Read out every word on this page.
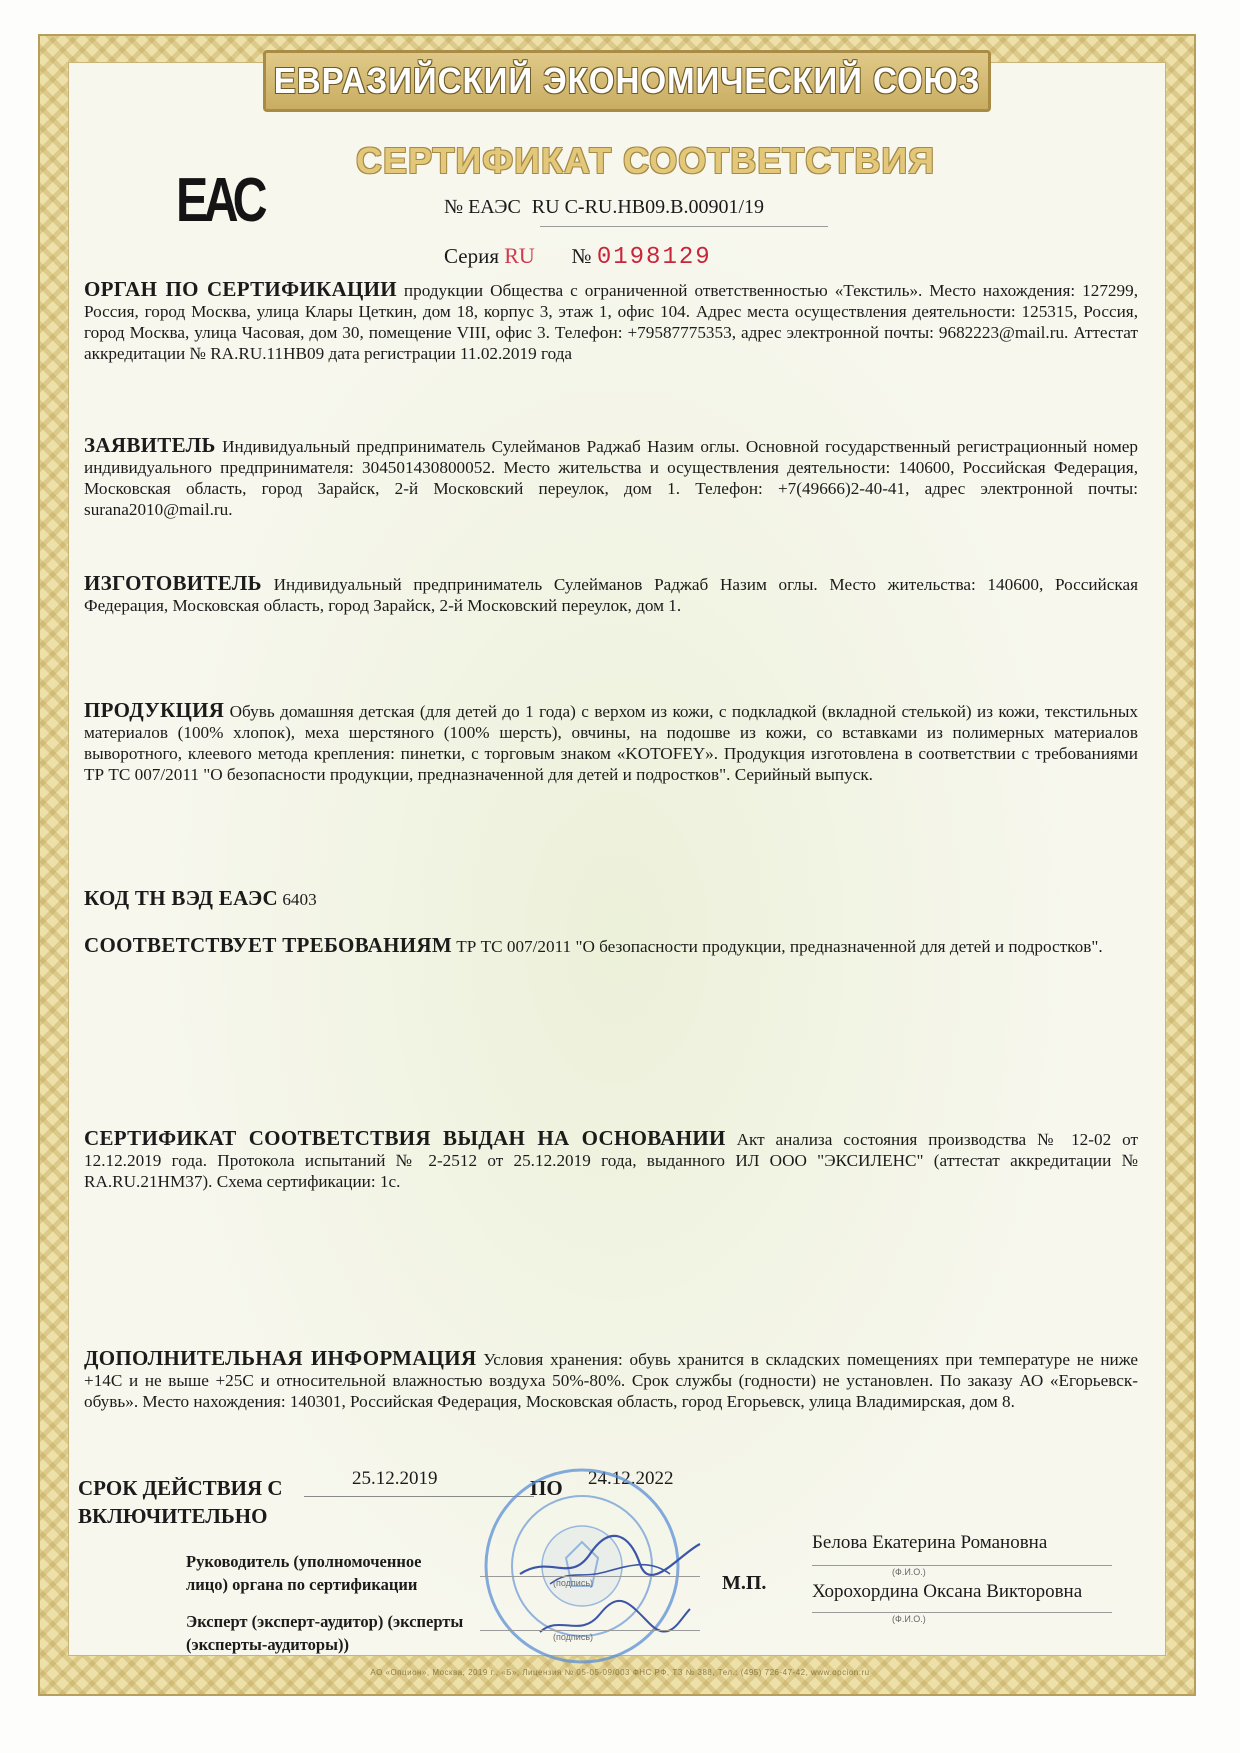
ЕВРАЗИЙСКИЙ ЭКОНОМИЧЕСКИЙ СОЮЗ
СЕРТИФИКАТ СООТВЕТСТВИЯ
ЕАС	№ ЕАЭС RU C-RU.HB09.B.00901/19
Серия RU № 0198129
ОРГАН ПО СЕРТИФИКАЦИИ продукции Общества с ограниченной ответственностью «Текстиль». Место нахождения: 127299, Россия, город Москва, улица Клары Цеткин, дом 18, корпус 3, этаж 1, офис 104. Адрес места осуществления деятельности: 125315, Россия, город Москва, улица Часовая, дом 30, помещение VIII, офис 3. Телефон: +79587775353, адрес электронной почты: 9682223@mail.ru. Аттестат аккредитации № RA.RU.11HB09 дата регистрации 11.02.2019 года
ЗАЯВИТЕЛЬ Индивидуальный предприниматель Сулейманов Раджаб Назим оглы. Основной государственный регистрационный номер индивидуального предпринимателя: 304501430800052. Место жительства и осуществления деятельности: 140600, Российская Федерация, Московская область, город Зарайск, 2-й Московский переулок, дом 1. Телефон: +7(49666)2-40-41, адрес электронной почты: surana2010@mail.ru.
ИЗГОТОВИТЕЛЬ Индивидуальный предприниматель Сулейманов Раджаб Назим оглы. Место жительства: 140600, Российская Федерация, Московская область, город Зарайск, 2-й Московский переулок, дом 1.
ПРОДУКЦИЯ Обувь домашняя детская (для детей до 1 года) с верхом из кожи, с подкладкой (вкладной стелькой) из кожи, текстильных материалов (100% хлопок), меха шерстяного (100% шерсть), овчины, на подошве из кожи, со вставками из полимерных материалов выворотного, клеевого метода крепления: пинетки, с торговым знаком «KOTOFEY». Продукция изготовлена в соответствии с требованиями ТР ТС 007/2011 "О безопасности продукции, предназначенной для детей и подростков". Серийный выпуск.
КОД ТН ВЭД ЕАЭС 6403
СООТВЕТСТВУЕТ ТРЕБОВАНИЯМ ТР ТС 007/2011 "О безопасности продукции, предназначенной для детей и подростков".
СЕРТИФИКАТ СООТВЕТСТВИЯ ВЫДАН НА ОСНОВАНИИ Акт анализа состояния производства № 12-02 от 12.12.2019 года. Протокола испытаний № 2-2512 от 25.12.2019 года, выданного ИЛ ООО "ЭКСИЛЕНС" (аттестат аккредитации № RA.RU.21HM37). Схема сертификации: 1с.
ДОПОЛНИТЕЛЬНАЯ ИНФОРМАЦИЯ Условия хранения: обувь хранится в складских помещениях при температуре не ниже +14С и не выше +25С и относительной влажностью воздуха 50%-80%. Срок службы (годности) не установлен. По заказу АО «Егорьевск-обувь». Место нахождения: 140301, Российская Федерация, Московская область, город Егорьевск, улица Владимирская, дом 8.
СРОК ДЕЙСТВИЯ С
ВКЛЮЧИТЕЛЬНО
25.12.2019	ПО 24.12.2022
Руководитель (уполномоченное лицо) органа по сертификации	(подпись)
Эксперт (эксперт-аудитор) (эксперты (эксперты-аудиторы))	(подпись)
М.П.
Белова Екатерина Романовна
(Ф.И.О.)
Хорохордина Оксана Викторовна
(Ф.И.О.)
АО «Опцион», Москва, 2019 г., «Б», Лицензия № 05-05-09/003 ФНС РФ, ТЗ № 388, Тел.: (495) 726-47-42, www.opcion.ru
